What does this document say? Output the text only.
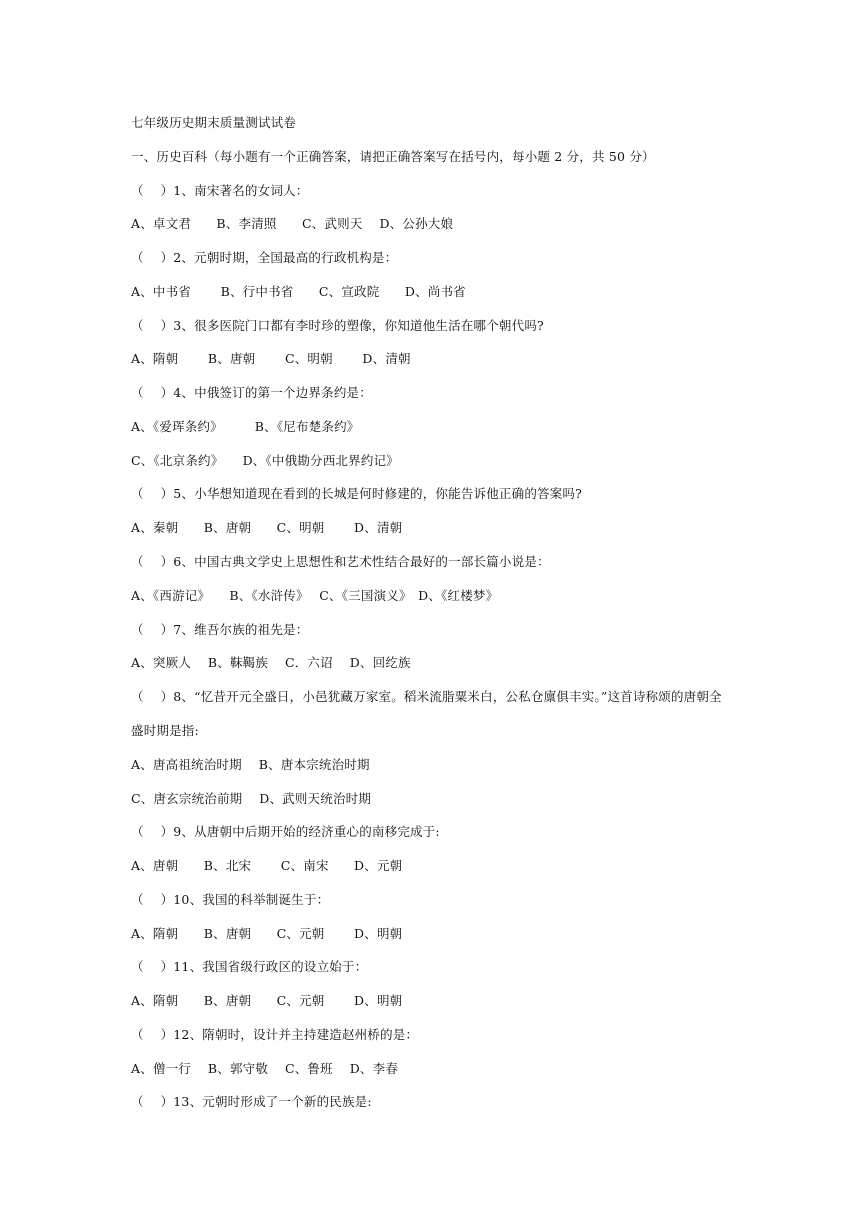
七年级历史期末质量测试试卷
一、历史百科（每小题有一个正确答案，请把正确答案写在括号内，每小题 2 分，共 50 分）
（　 ）1、南宋著名的女词人：
A、卓文君　　B、李清照　　C、武则天　 D、公孙大娘
（　 ）2、元朝时期，全国最高的行政机构是：
A、中书省　　 B、行中书省　　C、宣政院　　D、尚书省
（　 ）3、很多医院门口都有李时珍的塑像，你知道他生活在哪个朝代吗?
A、隋朝　　 B、唐朝　　 C、明朝　　 D、清朝
（　 ）4、中俄签订的第一个边界条约是：
A、《爱珲条约》　　　B、《尼布楚条约》
C、《北京条约》　　D、《中俄勘分西北界约记》
（　 ）5、小华想知道现在看到的长城是何时修建的，你能告诉他正确的答案吗?
A、秦朝　　B、唐朝　　C、明朝　　 D、清朝
（　 ）6、中国古典文学史上思想性和艺术性结合最好的一部长篇小说是：
A、《西游记》　　B、《水浒传》　 C、《三国演义》　D、《红楼梦》
（　 ）7、维吾尔族的祖先是：
A、突厥人　 B、靺鞨族　 C．六诏　 D、回纥族
（　 ）8、“忆昔开元全盛日，小邑犹藏万家室。稻米流脂粟米白，公私仓廪俱丰实。”这首诗称颂的唐朝全
盛时期是指:
A、唐高祖统治时期　 B、唐本宗统治时期
C、唐玄宗统治前期　 D、武则天统治时期
（　 ）9、从唐朝中后期开始的经济重心的南移完成于:
A、唐朝　　B、北宋　　 C、南宋　　D、元朝
（　 ）10、我国的科举制诞生于：
A、隋朝　　B、唐朝　　C、元朝　　 D、明朝
（　 ）11、我国省级行政区的设立始于：
A、隋朝　　B、唐朝　　C、元朝　　 D、明朝
（　 ）12、隋朝时，设计并主持建造赵州桥的是：
A、僧一行　 B、郭守敬　 C、鲁班　 D、李春
（　 ）13、元朝时形成了一个新的民族是:
